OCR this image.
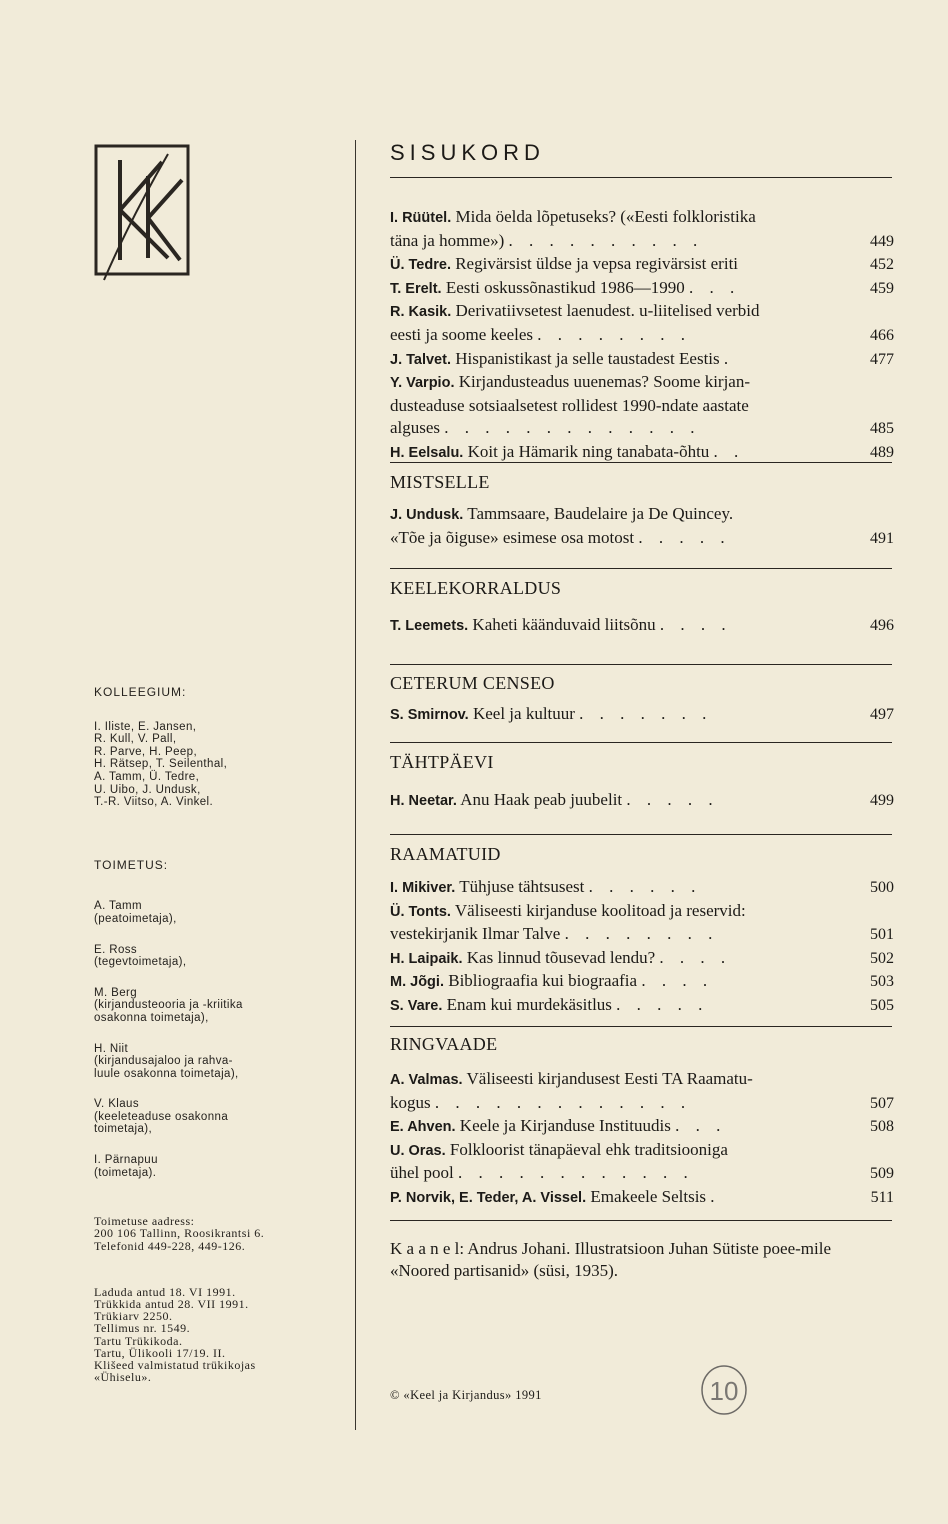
KOLLEEGIUM:
I. Iliste, E. Jansen,
R. Kull, V. Pall,
R. Parve, H. Peep,
H. Rätsep, T. Seilenthal,
A. Tamm, Ü. Tedre,
U. Uibo, J. Undusk,
T.-R. Viitso, A. Vinkel.
TOIMETUS:
A. Tamm
(peatoimetaja),
E. Ross
(tegevtoimetaja),
M. Berg
(kirjandusteooria ja -kriitika
osakonna toimetaja),
H. Niit
(kirjandusajaloo ja rahva-
luule osakonna toimetaja),
V. Klaus
(keeleteaduse osakonna
toimetaja),
I. Pärnapuu
(toimetaja).
Toimetuse aadress:
200 106 Tallinn, Roosikrantsi 6.
Telefonid 449-228, 449-126.
Laduda antud 18. VI 1991.
Trükkida antud 28. VII 1991.
Trükiarv 2250.
Tellimus nr. 1549.
Tartu Trükikoda.
Tartu, Ülikooli 17/19. II.
Klišeed valmistatud trükikojas
«Ühiselu».
SISUKORD
I. Rüütel. Mida öelda lõpetuseks? («Eesti folkloristika
täna ja homme») . . . . . . . . . .	449
Ü. Tedre. Regivärsist üldse ja vepsa regivärsist eriti	452
T. Erelt. Eesti oskussõnastikud 1986—1990 . . .	459
R. Kasik. Derivatiivsetest laenudest. u-liitelised verbid
eesti ja soome keeles . . . . . . . .	466
J. Talvet. Hispanistikast ja selle taustadest Eestis .	477
Y. Varpio. Kirjandusteadus uuenemas? Soome kirjan-
dusteaduse sotsiaalsetest rollidest 1990-ndate aastate
alguses . . . . . . . . . . . . .	485
H. Eelsalu. Koit ja Hämarik ning tanabata-õhtu . .	489
MISTSELLE
J. Undusk. Tammsaare, Baudelaire ja De Quincey.
«Tõe ja õiguse» esimese osa motost . . . . .	491
KEELEKORRALDUS
T. Leemets. Kaheti käänduvaid liitsõnu . . . .	496
CETERUM CENSEO
S. Smirnov. Keel ja kultuur . . . . . . .	497
TÄHTPÄEVI
H. Neetar. Anu Haak peab juubelit . . . . .	499
RAAMATUID
I. Mikiver. Tühjuse tähtsusest . . . . . .	500
Ü. Tonts. Väliseesti kirjanduse koolitoad ja reservid:
vestekirjanik Ilmar Talve . . . . . . . .	501
H. Laipaik. Kas linnud tõusevad lendu? . . . .	502
M. Jõgi. Bibliograafia kui biograafia . . . .	503
S. Vare. Enam kui murdekäsitlus . . . . .	505
RINGVAADE
A. Valmas. Väliseesti kirjandusest Eesti TA Raamatu-
kogus . . . . . . . . . . . . .	507
E. Ahven. Keele ja Kirjanduse Instituudis . . .	508
U. Oras. Folkloorist tänapäeval ehk traditsiooniga
ühel pool . . . . . . . . . . . .	509
P. Norvik, E. Teder, A. Vissel. Emakeele Seltsis .	511
K a a n e l: Andrus Johani. Illustratsioon Juhan Sütiste poee-mile «Noored partisanid» (süsi, 1935).
© «Keel ja Kirjandus» 1991	10
